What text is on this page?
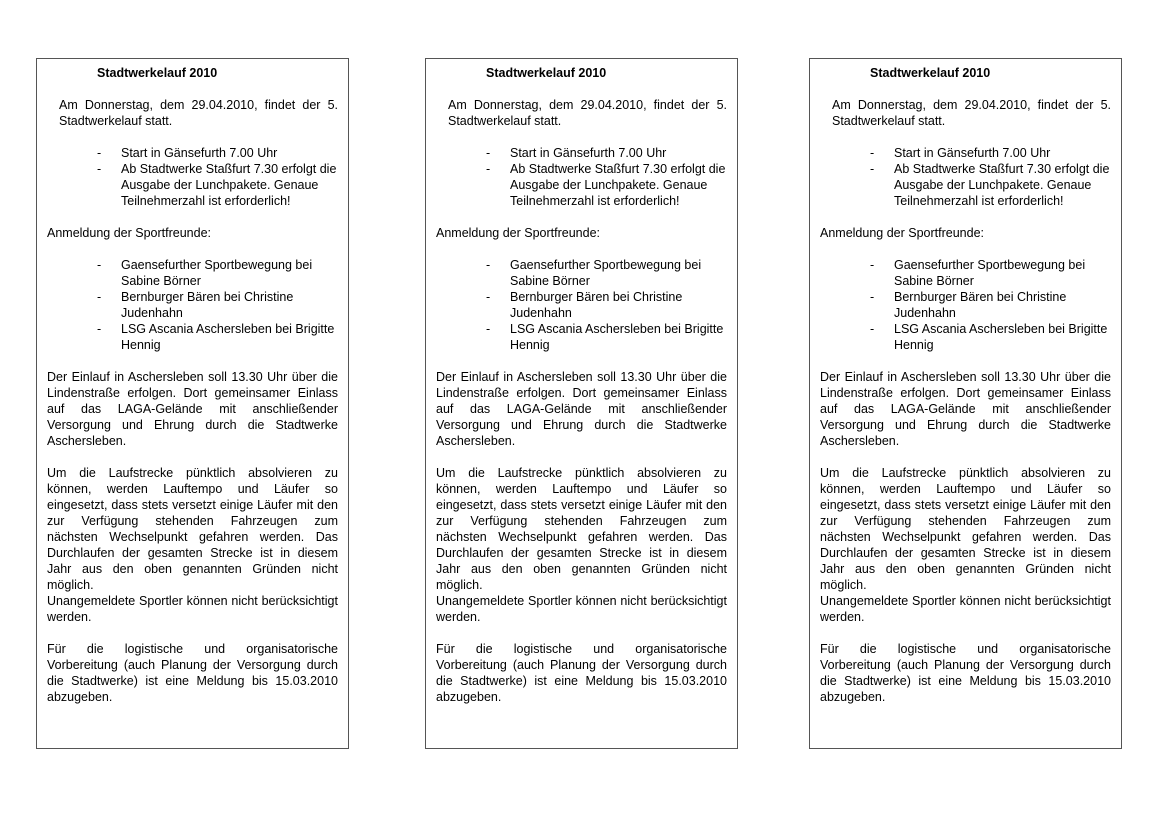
Stadtwerkelauf 2010
Am Donnerstag, dem 29.04.2010, findet der 5. Stadtwerkelauf statt.
- Start in Gänsefurth 7.00 Uhr
- Ab Stadtwerke Staßfurt 7.30 erfolgt die Ausgabe der Lunchpakete. Genaue Teilnehmerzahl ist erforderlich!
Anmeldung der Sportfreunde:
- Gaensefurther Sportbewegung bei Sabine Börner
- Bernburger Bären bei Christine Judenhahn
- LSG Ascania Aschersleben bei Brigitte Hennig
Der Einlauf in Aschersleben soll 13.30 Uhr über die Lindenstraße erfolgen. Dort gemeinsamer Einlass auf das LAGA-Gelände mit anschließender Versorgung und Ehrung durch die Stadtwerke Aschersleben.
Um die Laufstrecke pünktlich absolvieren zu können, werden Lauftempo und Läufer so eingesetzt, dass stets versetzt einige Läufer mit den zur Verfügung stehenden Fahrzeugen zum nächsten Wechselpunkt gefahren werden. Das Durchlaufen der gesamten Strecke ist in diesem Jahr aus den oben genannten Gründen nicht möglich.
Unangemeldete Sportler können nicht berücksichtigt werden.
Für die logistische und organisatorische Vorbereitung (auch Planung der Versorgung durch die Stadtwerke) ist eine Meldung bis 15.03.2010 abzugeben.
Stadtwerkelauf 2010
Am Donnerstag, dem 29.04.2010, findet der 5. Stadtwerkelauf statt.
- Start in Gänsefurth 7.00 Uhr
- Ab Stadtwerke Staßfurt 7.30 erfolgt die Ausgabe der Lunchpakete. Genaue Teilnehmerzahl ist erforderlich!
Anmeldung der Sportfreunde:
- Gaensefurther Sportbewegung bei Sabine Börner
- Bernburger Bären bei Christine Judenhahn
- LSG Ascania Aschersleben bei Brigitte Hennig
Der Einlauf in Aschersleben soll 13.30 Uhr über die Lindenstraße erfolgen. Dort gemeinsamer Einlass auf das LAGA-Gelände mit anschließender Versorgung und Ehrung durch die Stadtwerke Aschersleben.
Um die Laufstrecke pünktlich absolvieren zu können, werden Lauftempo und Läufer so eingesetzt, dass stets versetzt einige Läufer mit den zur Verfügung stehenden Fahrzeugen zum nächsten Wechselpunkt gefahren werden. Das Durchlaufen der gesamten Strecke ist in diesem Jahr aus den oben genannten Gründen nicht möglich.
Unangemeldete Sportler können nicht berücksichtigt werden.
Für die logistische und organisatorische Vorbereitung (auch Planung der Versorgung durch die Stadtwerke) ist eine Meldung bis 15.03.2010 abzugeben.
Stadtwerkelauf 2010
Am Donnerstag, dem 29.04.2010, findet der 5. Stadtwerkelauf statt.
- Start in Gänsefurth 7.00 Uhr
- Ab Stadtwerke Staßfurt 7.30 erfolgt die Ausgabe der Lunchpakete. Genaue Teilnehmerzahl ist erforderlich!
Anmeldung der Sportfreunde:
- Gaensefurther Sportbewegung bei Sabine Börner
- Bernburger Bären bei Christine Judenhahn
- LSG Ascania Aschersleben bei Brigitte Hennig
Der Einlauf in Aschersleben soll 13.30 Uhr über die Lindenstraße erfolgen. Dort gemeinsamer Einlass auf das LAGA-Gelände mit anschließender Versorgung und Ehrung durch die Stadtwerke Aschersleben.
Um die Laufstrecke pünktlich absolvieren zu können, werden Lauftempo und Läufer so eingesetzt, dass stets versetzt einige Läufer mit den zur Verfügung stehenden Fahrzeugen zum nächsten Wechselpunkt gefahren werden. Das Durchlaufen der gesamten Strecke ist in diesem Jahr aus den oben genannten Gründen nicht möglich.
Unangemeldete Sportler können nicht berücksichtigt werden.
Für die logistische und organisatorische Vorbereitung (auch Planung der Versorgung durch die Stadtwerke) ist eine Meldung bis 15.03.2010 abzugeben.
